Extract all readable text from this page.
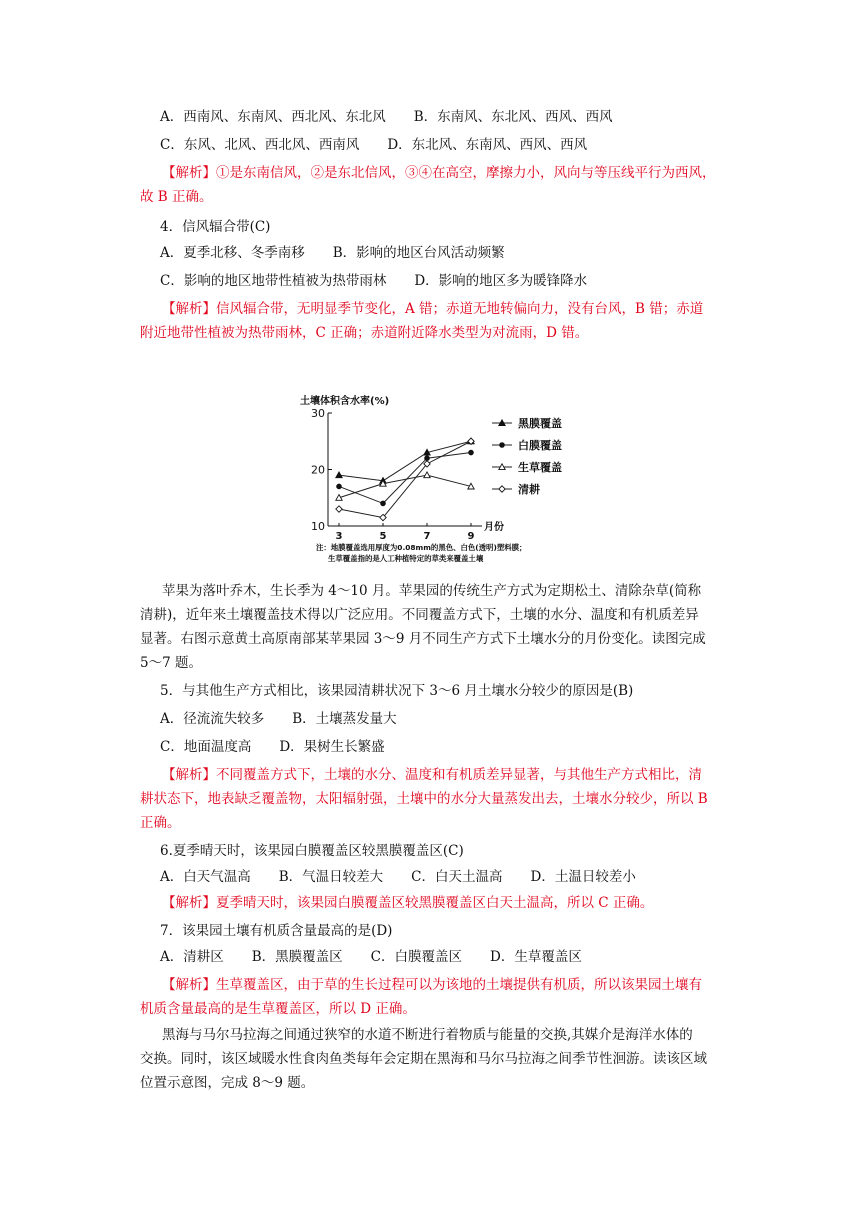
A．西南风、东南风、西北风、东北风 B．东南风、东北风、西风、西风
C．东风、北风、西北风、西南风 D．东北风、东南风、西风、西风
【解析】①是东南信风，②是东北信风，③④在高空，摩擦力小，风向与等压线平行为西风，
故 B 正确。
4．信风辐合带(C)
A．夏季北移、冬季南移 B．影响的地区台风活动频繁
C．影响的地区地带性植被为热带雨林 D．影响的地区多为暖锋降水
【解析】信风辐合带，无明显季节变化，A 错；赤道无地转偏向力，没有台风，B 错；赤道
附近地带性植被为热带雨林，C 正确；赤道附近降水类型为对流雨，D 错。
土壤体积含水率(%)
10
20
30
3	5	7	9
黑膜覆盖
白膜覆盖
生草覆盖
清耕
月份
注：地膜覆盖选用厚度为0.08mm的黑色、白色(透明)塑料膜；
生草覆盖指的是人工种植特定的草类来覆盖土壤
苹果为落叶乔木，生长季为 4～10 月。苹果园的传统生产方式为定期松土、清除杂草(简称
清耕)，近年来土壤覆盖技术得以广泛应用。不同覆盖方式下，土壤的水分、温度和有机质差异
显著。右图示意黄土高原南部某苹果园 3～9 月不同生产方式下土壤水分的月份变化。读图完成
5～7 题。
5．与其他生产方式相比，该果园清耕状况下 3～6 月土壤水分较少的原因是(B)
A．径流流失较多 B．土壤蒸发量大
C．地面温度高 D．果树生长繁盛
【解析】不同覆盖方式下，土壤的水分、温度和有机质差异显著，与其他生产方式相比，清
耕状态下，地表缺乏覆盖物，太阳辐射强，土壤中的水分大量蒸发出去，土壤水分较少，所以 B
正确。
6.夏季晴天时，该果园白膜覆盖区较黑膜覆盖区(C)
A．白天气温高 B．气温日较差大 C．白天土温高 D．土温日较差小
【解析】夏季晴天时，该果园白膜覆盖区较黑膜覆盖区白天土温高，所以 C 正确。
7．该果园土壤有机质含量最高的是(D)
A．清耕区 B．黑膜覆盖区 C．白膜覆盖区 D．生草覆盖区
【解析】生草覆盖区，由于草的生长过程可以为该地的土壤提供有机质，所以该果园土壤有
机质含量最高的是生草覆盖区，所以 D 正确。
黑海与马尔马拉海之间通过狭窄的水道不断进行着物质与能量的交换,其媒介是海洋水体的
交换。同时，该区域暖水性食肉鱼类每年会定期在黑海和马尔马拉海之间季节性洄游。读该区域
位置示意图，完成 8～9 题。
